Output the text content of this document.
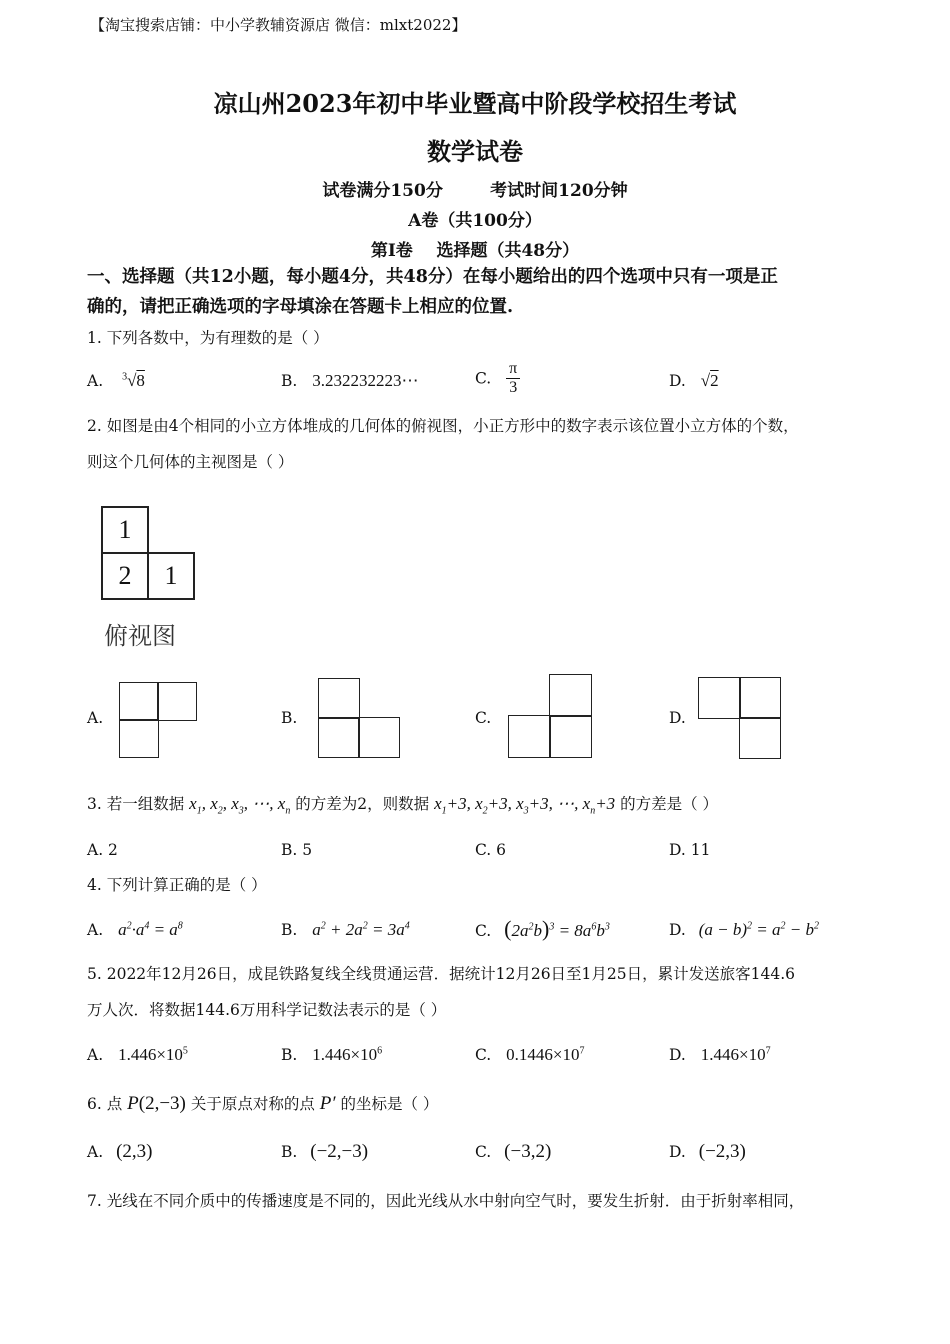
【淘宝搜索店铺：中小学教辅资源店 微信：mlxt2022】
凉山州2023年初中毕业暨高中阶段学校招生考试
数学试卷
试卷满分150分        考试时间120分钟
A卷（共100分）
第Ⅰ卷    选择题（共48分）
一、选择题（共12小题，每小题4分，共48分）在每小题给出的四个选项中只有一项是正
确的，请把正确选项的字母填涂在答题卡上相应的位置.
1. 下列各数中，为有理数的是（ ）
A. $^3$√8	B. 3.232232223⋯	C. $\frac{\pi}{3}$	D. √2
2. 如图是由4个相同的小立方体堆成的几何体的俯视图，小正方形中的数字表示该位置小立方体的个数，
则这个几何体的主视图是（ ）
1
2 1
俯视图
A.	B.	C.	D.
3. 若一组数据 $x_1$, $x_2$, $x_3$, ⋯, $x_n$ 的方差为2，则数据 $x_1+3$, $x_2+3$, $x_3+3$, ⋯, $x_n+3$ 的方差是（ ）
A. 2	B. 5	C. 6	D. 11
4. 下列计算正确的是（ ）
A. $a^2\cdot a^4 = a^8$	B. $a^2 + 2a^2 = 3a^4$	C. $(2a^2b)^3 = 8a^6b^3$	D. $(a - b)^2 = a^2 - b^2$
5. 2022年12月26日，成昆铁路复线全线贯通运营．据统计12月26日至1月25日，累计发送旅客144.6
万人次．将数据144.6万用科学记数法表示的是（ ）
A. $1.446\times 10^5$	B. $1.446\times 10^6$	C. $0.1446\times 10^7$	D. $1.446\times 10^7$
6. 点 P(2,−3) 关于原点对称的点 P′ 的坐标是（ ）
A. (2,3)	B. (−2,−3)	C. (−3,2)	D. (−2,3)
7. 光线在不同介质中的传播速度是不同的，因此光线从水中射向空气时，要发生折射．由于折射率相同，
